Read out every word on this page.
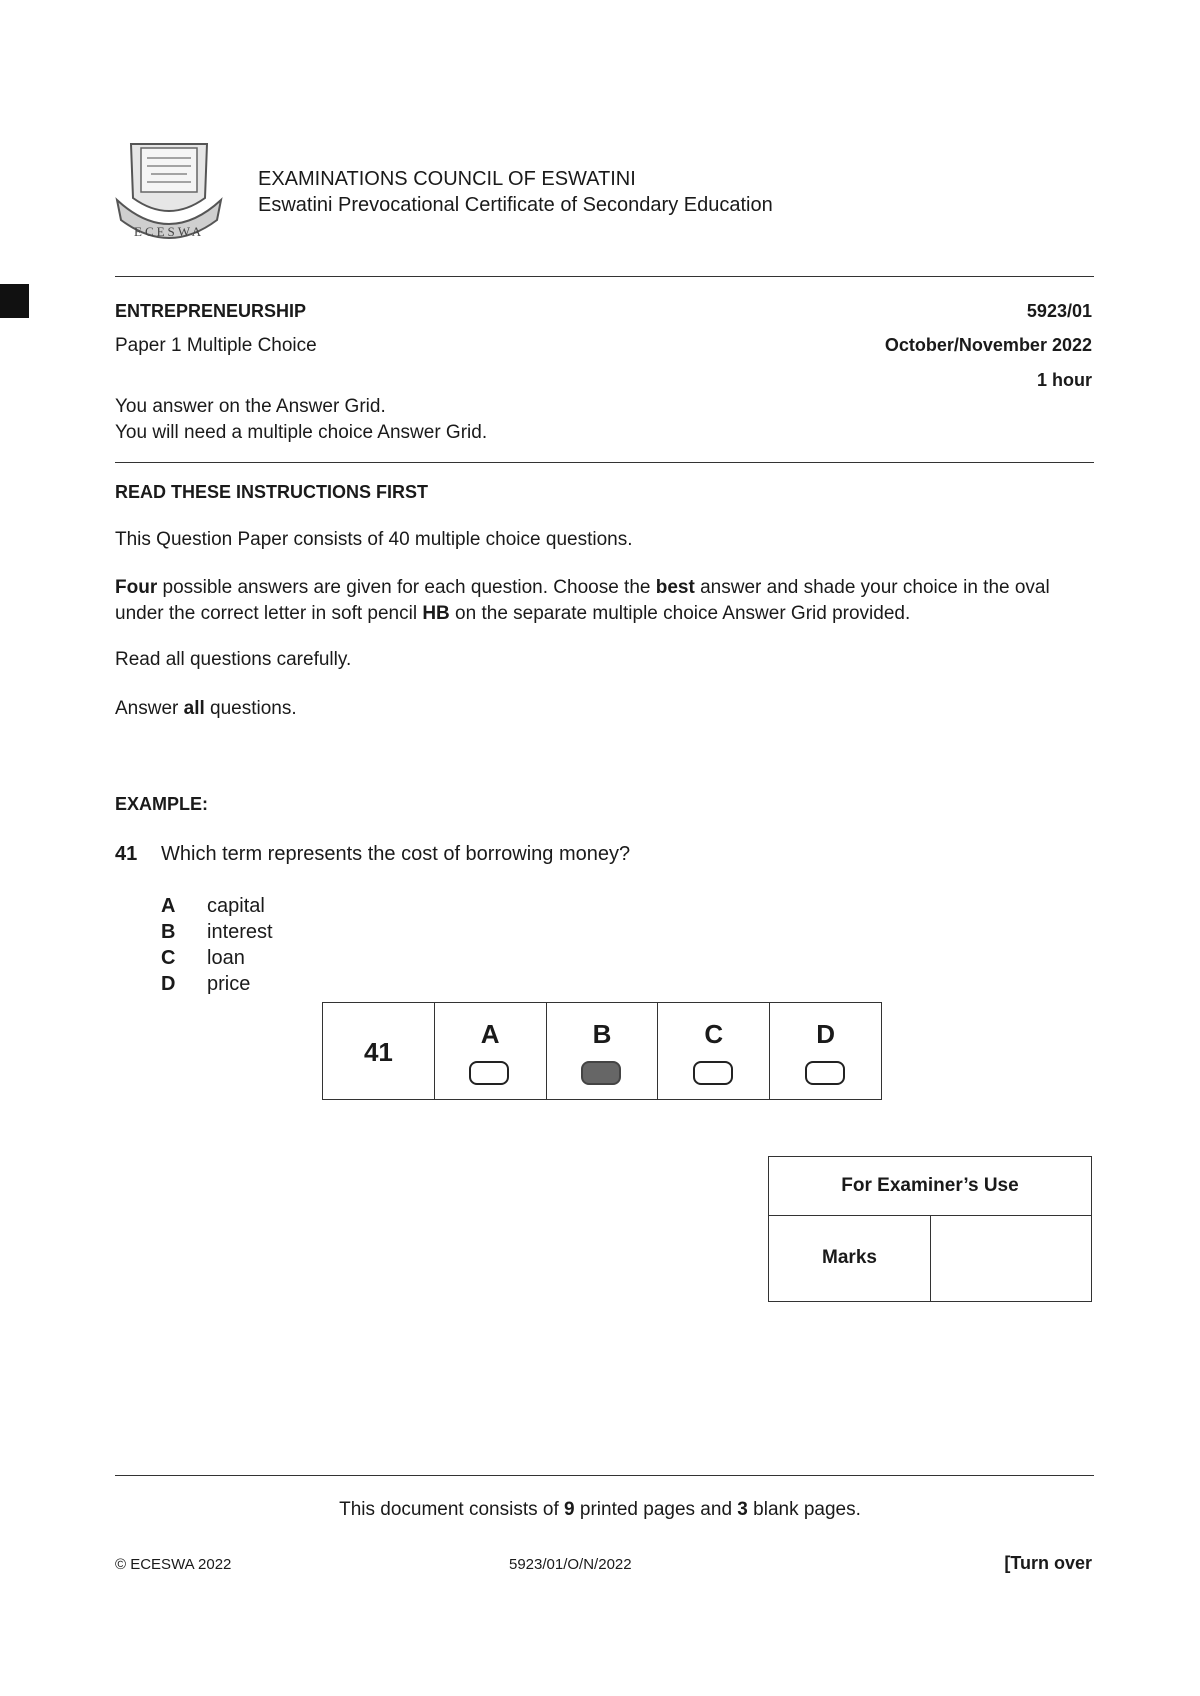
ECESWA
EXAMINATIONS COUNCIL OF ESWATINI
Eswatini Prevocational Certificate of Secondary Education
ENTREPRENEURSHIP	5923/01
Paper 1 Multiple Choice	October/November 2022
1 hour
You answer on the Answer Grid.
You will need a multiple choice Answer Grid.
READ THESE INSTRUCTIONS FIRST
This Question Paper consists of 40 multiple choice questions.
Four possible answers are given for each question. Choose the best answer and shade your choice in the oval under the correct letter in soft pencil HB on the separate multiple choice Answer Grid provided.
Read all questions carefully.
Answer all questions.
EXAMPLE:
41 Which term represents the cost of borrowing money?
A capital
B interest
C loan
D price
41
A	B	C	D
For Examiner’s Use
Marks
This document consists of 9 printed pages and 3 blank pages.
© ECESWA 2022	5923/01/O/N/2022	[Turn over
